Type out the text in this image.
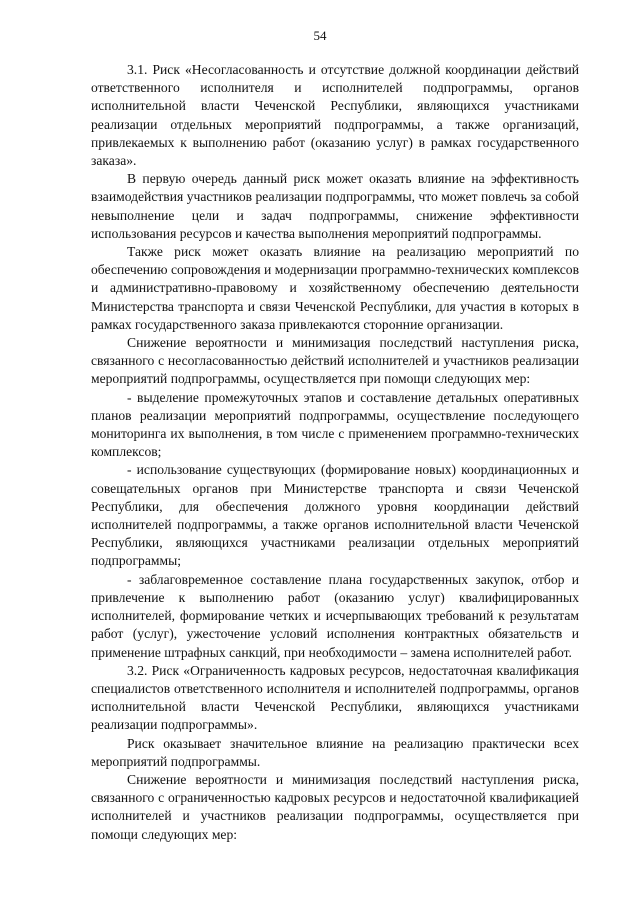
54

3.1. Риск «Несогласованность и отсутствие должной координации действий ответственного исполнителя и исполнителей подпрограммы, органов исполнительной власти Чеченской Республики, являющихся участниками реализации отдельных мероприятий подпрограммы, а также организаций, привлекаемых к выполнению работ (оказанию услуг) в рамках государственного заказа».

В первую очередь данный риск может оказать влияние на эффективность взаимодействия участников реализации подпрограммы, что может повлечь за собой невыполнение цели и задач подпрограммы, снижение эффективности использования ресурсов и качества выполнения мероприятий подпрограммы.

Также риск может оказать влияние на реализацию мероприятий по обеспечению сопровождения и модернизации программно-технических комплексов и административно-правовому и хозяйственному обеспечению деятельности Министерства транспорта и связи Чеченской Республики, для участия в которых в рамках государственного заказа привлекаются сторонние организации.

Снижение вероятности и минимизация последствий наступления риска, связанного с несогласованностью действий исполнителей и участников реализации мероприятий подпрограммы, осуществляется при помощи следующих мер:

- выделение промежуточных этапов и составление детальных оперативных планов реализации мероприятий подпрограммы, осуществление последующего мониторинга их выполнения, в том числе с применением программно-технических комплексов;

- использование существующих (формирование новых) координационных и совещательных органов при Министерстве транспорта и связи Чеченской Республики, для обеспечения должного уровня координации действий исполнителей подпрограммы, а также органов исполнительной власти Чеченской Республики, являющихся участниками реализации отдельных мероприятий подпрограммы;

- заблаговременное составление плана государственных закупок, отбор и привлечение к выполнению работ (оказанию услуг) квалифицированных исполнителей, формирование четких и исчерпывающих требований к результатам работ (услуг), ужесточение условий исполнения контрактных обязательств и применение штрафных санкций, при необходимости – замена исполнителей работ.

3.2. Риск «Ограниченность кадровых ресурсов, недостаточная квалификация специалистов ответственного исполнителя и исполнителей подпрограммы, органов исполнительной власти Чеченской Республики, являющихся участниками реализации подпрограммы».

Риск оказывает значительное влияние на реализацию практически всех мероприятий подпрограммы.

Снижение вероятности и минимизация последствий наступления риска, связанного с ограниченностью кадровых ресурсов и недостаточной квалификацией исполнителей и участников реализации подпрограммы, осуществляется при помощи следующих мер:
